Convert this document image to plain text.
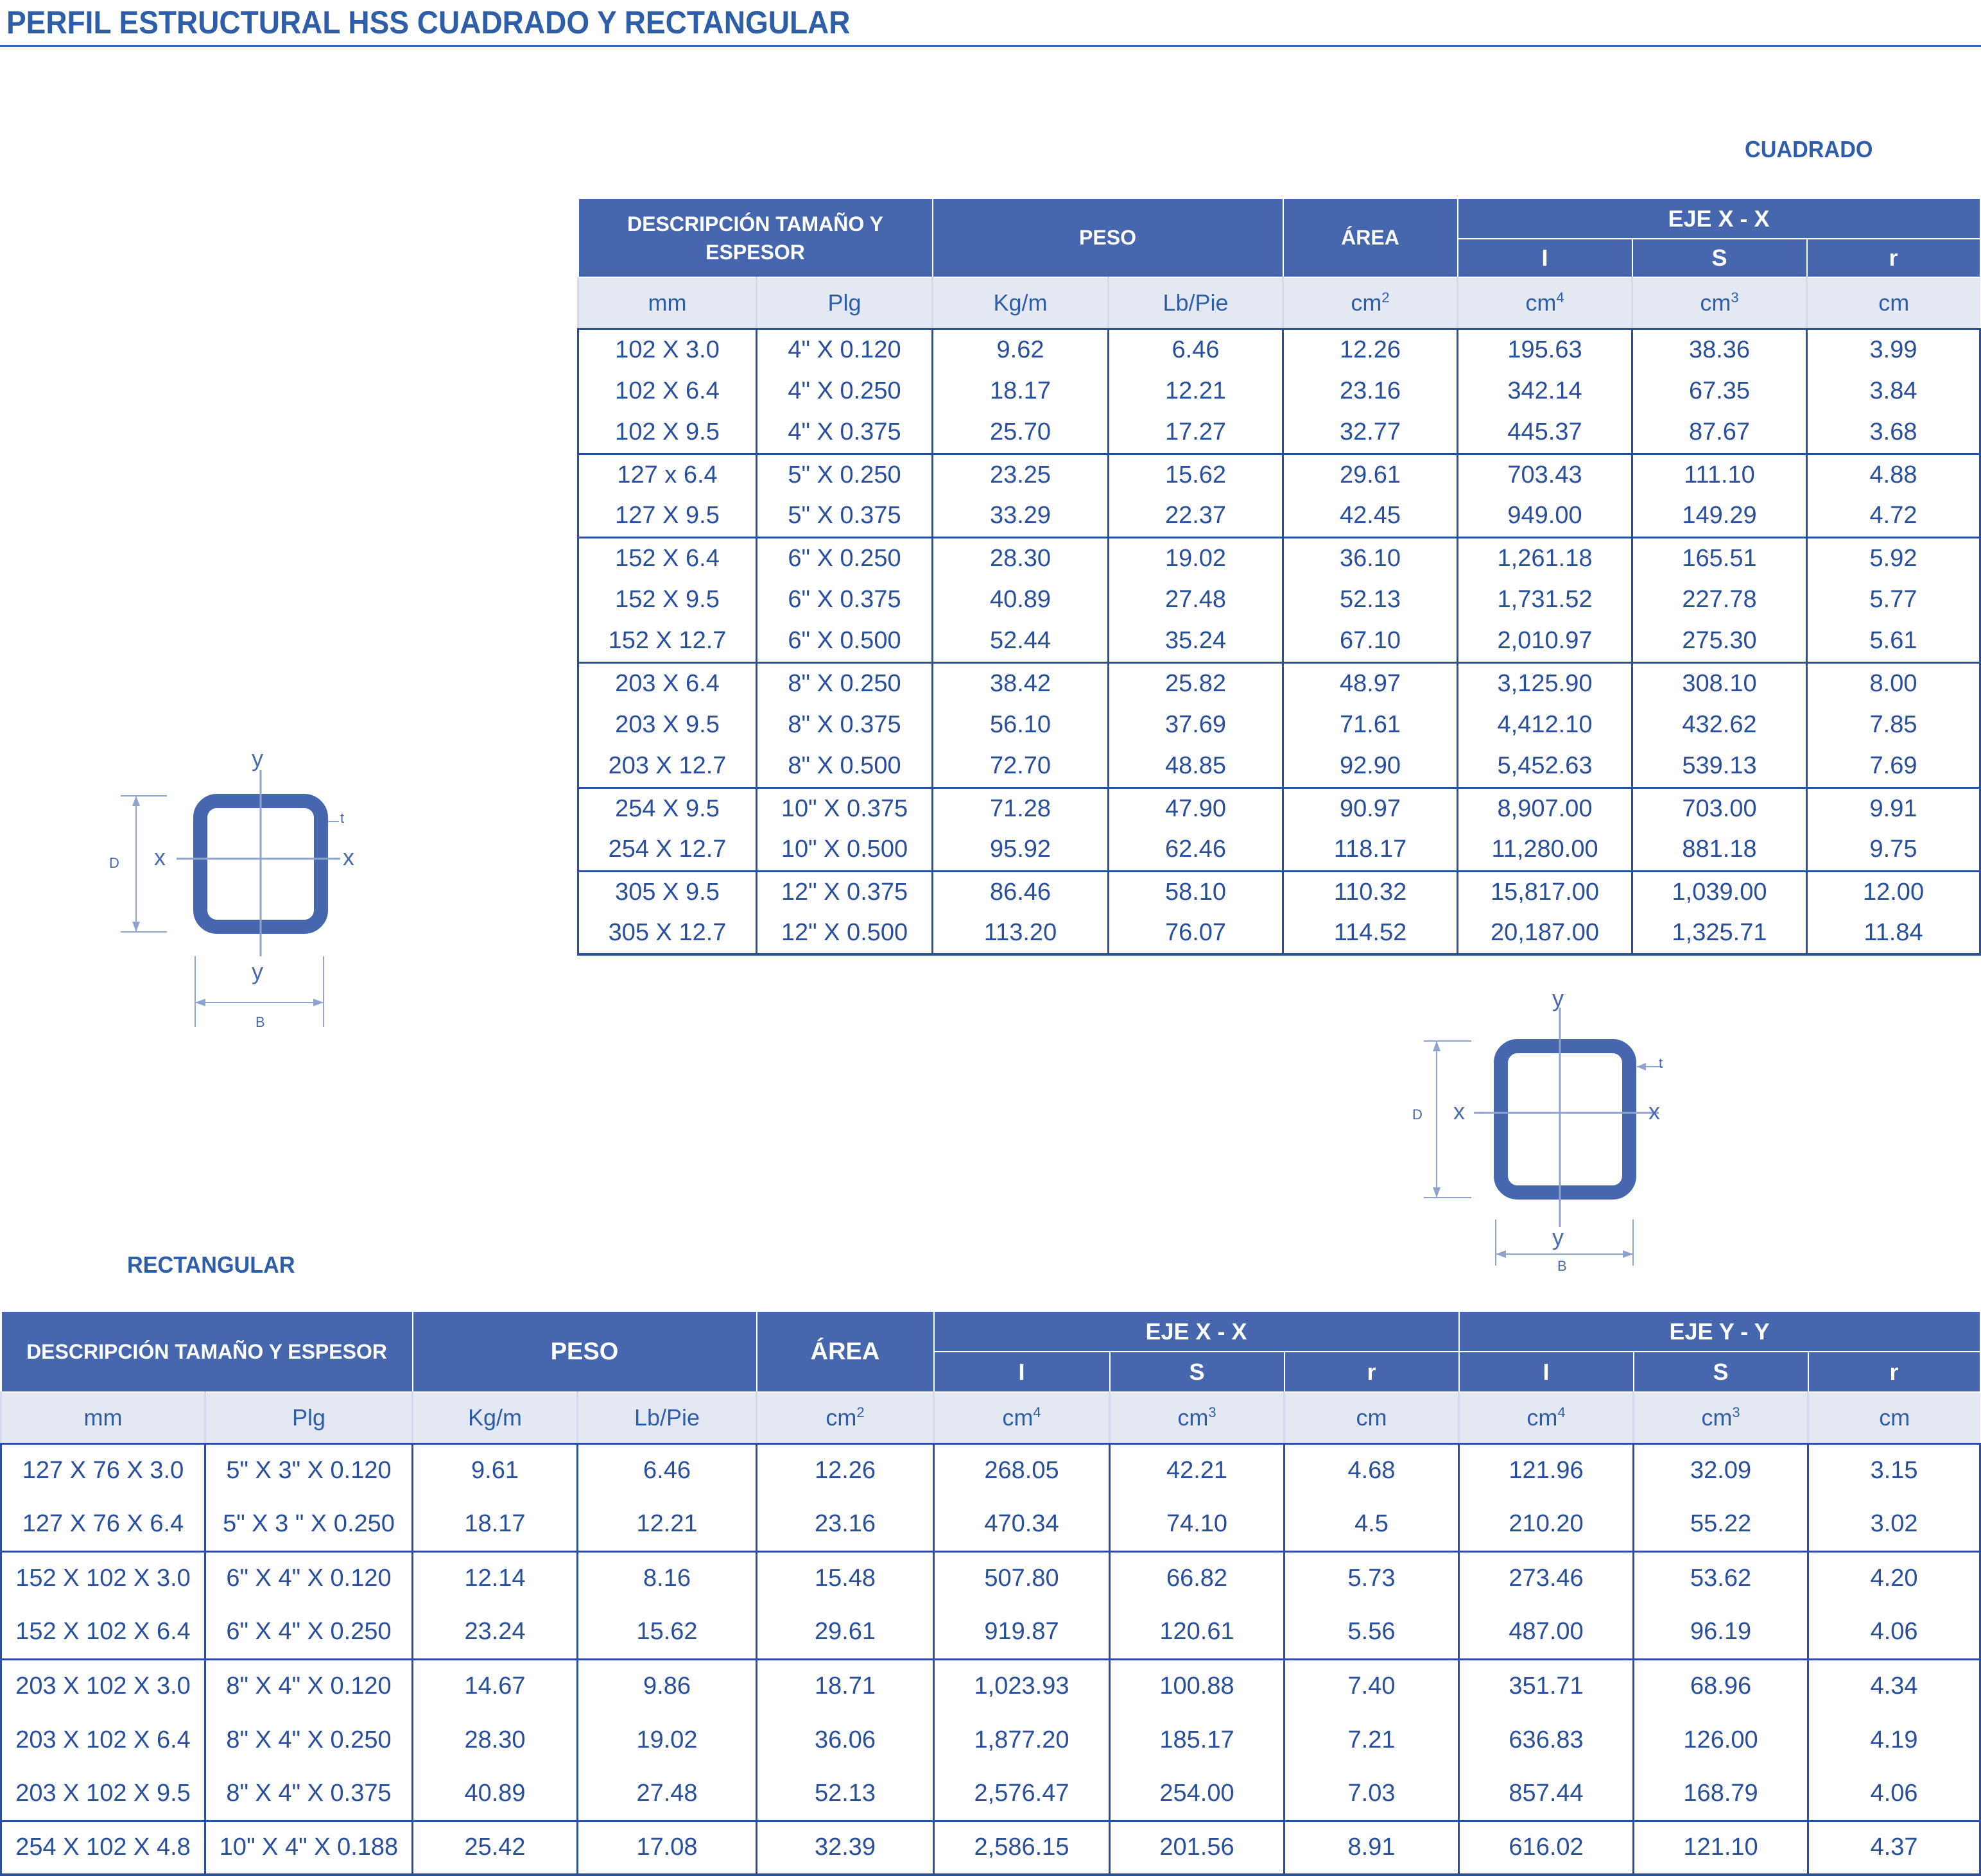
PERFIL ESTRUCTURAL HSS CUADRADO Y RECTANGULAR
CUADRADO
RECTANGULAR
DESCRIPCIÓN TAMAÑO Y ESPESOR		PESO		ÁREA	EJE X - X		
					I	S	r
mm	Plg	Kg/m	Lb/Pie	$cm^2$	$cm^4$	$cm^3$	cm
102 X 3.0	4" X 0.120	9.62	6.46	12.26	195.63	38.36	3.99
102 X 6.4	4" X 0.250	18.17	12.21	23.16	342.14	67.35	3.84
102 X 9.5	4" X 0.375	25.70	17.27	32.77	445.37	87.67	3.68
127 x 6.4	5" X 0.250	23.25	15.62	29.61	703.43	111.10	4.88
127 X 9.5	5" X 0.375	33.29	22.37	42.45	949.00	149.29	4.72
152 X 6.4	6" X 0.250	28.30	19.02	36.10	1,261.18	165.51	5.92
152 X 9.5	6" X 0.375	40.89	27.48	52.13	1,731.52	227.78	5.77
152 X 12.7	6" X 0.500	52.44	35.24	67.10	2,010.97	275.30	5.61
203 X 6.4	8" X 0.250	38.42	25.82	48.97	3,125.90	308.10	8.00
203 X 9.5	8" X 0.375	56.10	37.69	71.61	4,412.10	432.62	7.85
203 X 12.7	8" X 0.500	72.70	48.85	92.90	5,452.63	539.13	7.69
254 X 9.5	10" X 0.375	71.28	47.90	90.97	8,907.00	703.00	9.91
254 X 12.7	10" X 0.500	95.92	62.46	118.17	11,280.00	881.18	9.75
305 X 9.5	12" X 0.375	86.46	58.10	110.32	15,817.00	1,039.00	12.00
305 X 12.7	12" X 0.500	113.20	76.07	114.52	20,187.00	1,325.71	11.84
DESCRIPCIÓN TAMAÑO Y ESPESOR		PESO		ÁREA	EJE X - X			EJE Y - Y		
					I	S	r	I	S	r
mm	Plg	Kg/m	Lb/Pie	$cm^2$	$cm^4$	$cm^3$	cm	$cm^4$	$cm^3$	cm
127 X 76 X 3.0	5" X 3" X 0.120	9.61	6.46	12.26	268.05	42.21	4.68	121.96	32.09	3.15
127 X 76 X 6.4	5" X 3 " X 0.250	18.17	12.21	23.16	470.34	74.10	4.5	210.20	55.22	3.02
152 X 102 X 3.0	6" X 4" X 0.120	12.14	8.16	15.48	507.80	66.82	5.73	273.46	53.62	4.20
152 X 102 X 6.4	6" X 4" X 0.250	23.24	15.62	29.61	919.87	120.61	5.56	487.00	96.19	4.06
203 X 102 X 3.0	8" X 4" X 0.120	14.67	9.86	18.71	1,023.93	100.88	7.40	351.71	68.96	4.34
203 X 102 X 6.4	8" X 4" X 0.250	28.30	19.02	36.06	1,877.20	185.17	7.21	636.83	126.00	4.19
203 X 102 X 9.5	8" X 4" X 0.375	40.89	27.48	52.13	2,576.47	254.00	7.03	857.44	168.79	4.06
254 X 102 X 4.8	10" X 4" X 0.188	25.42	17.08	32.39	2,586.15	201.56	8.91	616.02	121.10	4.37
y
y
x	x
t
D
B
y
y
x	x
t
D
B
